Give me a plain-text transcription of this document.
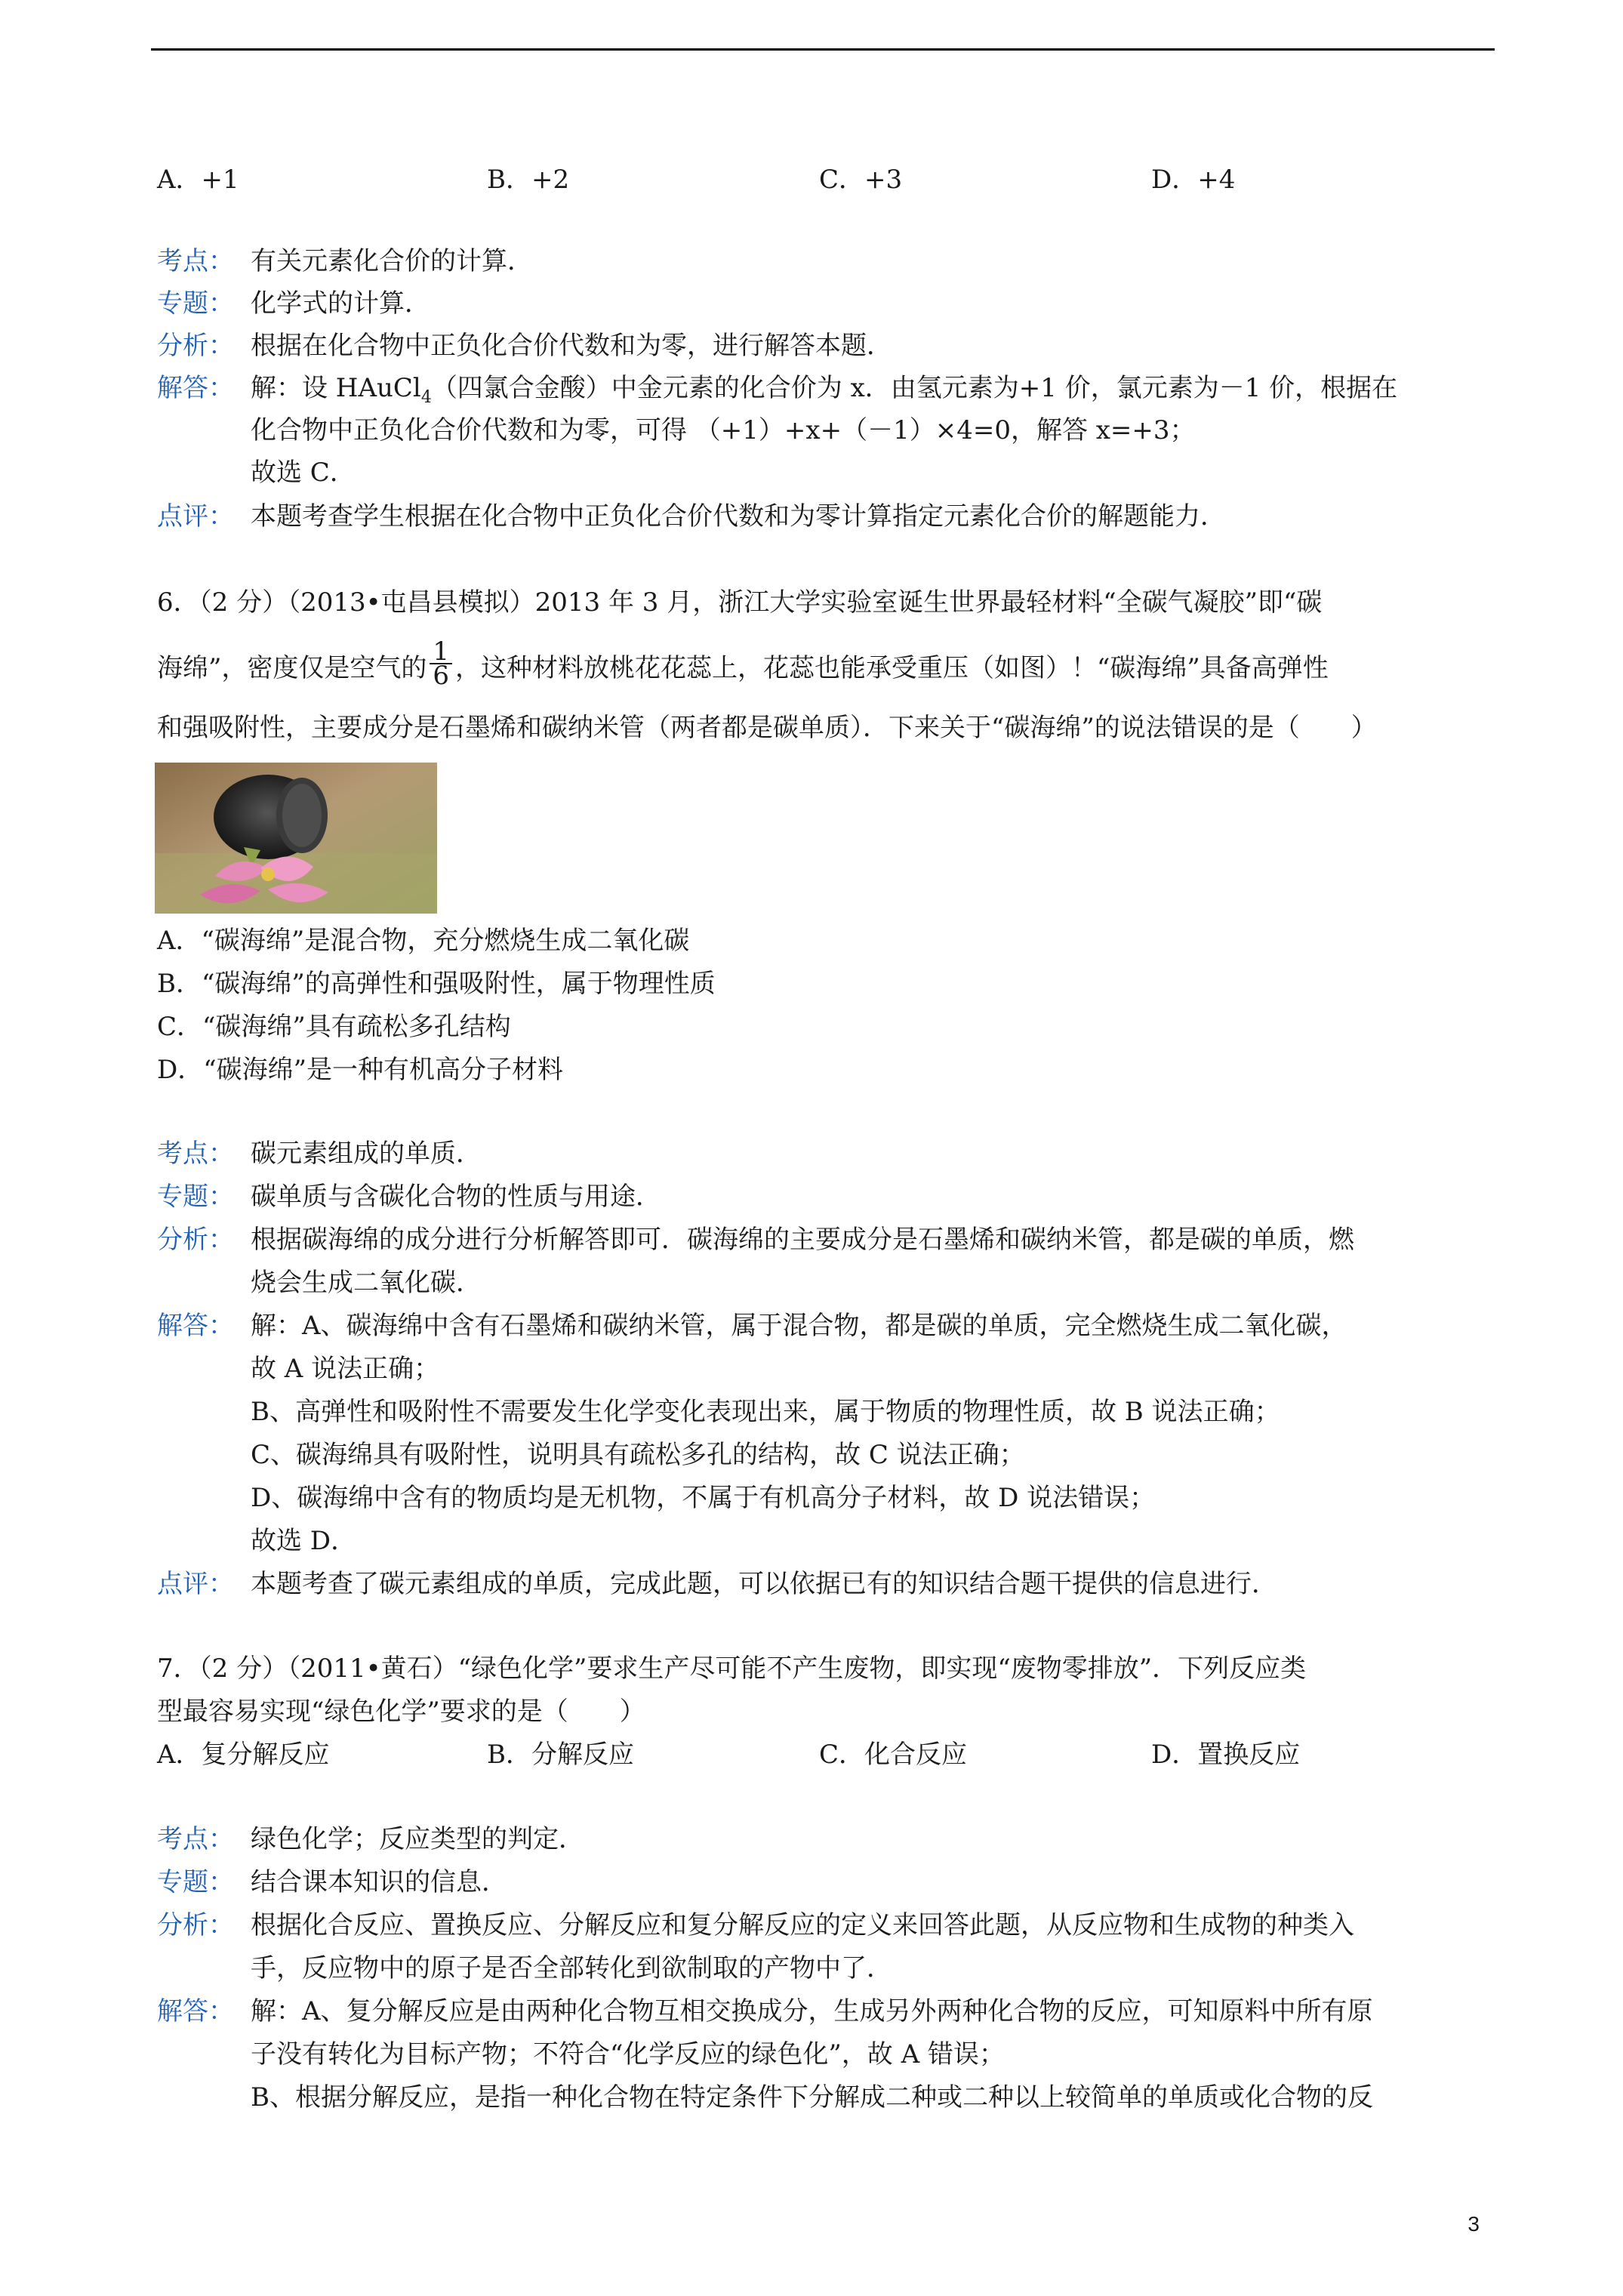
A．+1	B．+2	C．+3	D．+4
考点： 有关元素化合价的计算．
专题： 化学式的计算．
分析： 根据在化合物中正负化合价代数和为零，进行解答本题．
解答： 解：设 HAuCl$_4$（四氯合金酸）中金元素的化合价为 x．由氢元素为+1 价，氯元素为－1 价，根据在
化合物中正负化合价代数和为零，可得 （+1）+x+（－1）×4=0，解答 x=+3；
故选 C．
点评： 本题考查学生根据在化合物中正负化合价代数和为零计算指定元素化合价的解题能力．
6．（2 分）（2013•屯昌县模拟）2013 年 3 月，浙江大学实验室诞生世界最轻材料“全碳气凝胶”即“碳
海绵”，密度仅是空气的 $\frac{1}{6}$ ，这种材料放桃花花蕊上，花蕊也能承受重压（如图）！“碳海绵”具备高弹性
和强吸附性，主要成分是石墨烯和碳纳米管（两者都是碳单质）．下来关于“碳海绵”的说法错误的是（　　）
A．“碳海绵”是混合物，充分燃烧生成二氧化碳
B．“碳海绵”的高弹性和强吸附性，属于物理性质
C．“碳海绵”具有疏松多孔结构
D．“碳海绵”是一种有机高分子材料
考点： 碳元素组成的单质．
专题： 碳单质与含碳化合物的性质与用途．
分析： 根据碳海绵的成分进行分析解答即可．碳海绵的主要成分是石墨烯和碳纳米管，都是碳的单质，燃
烧会生成二氧化碳．
解答： 解：A、碳海绵中含有石墨烯和碳纳米管，属于混合物，都是碳的单质，完全燃烧生成二氧化碳，
故 A 说法正确；
B、高弹性和吸附性不需要发生化学变化表现出来，属于物质的物理性质，故 B 说法正确；
C、碳海绵具有吸附性，说明具有疏松多孔的结构，故 C 说法正确；
D、碳海绵中含有的物质均是无机物，不属于有机高分子材料，故 D 说法错误；
故选 D．
点评： 本题考查了碳元素组成的单质，完成此题，可以依据已有的知识结合题干提供的信息进行．
7．（2 分）（2011•黄石）“绿色化学”要求生产尽可能不产生废物，即实现“废物零排放”．下列反应类
型最容易实现“绿色化学”要求的是（　　）
A．复分解反应	B．分解反应	C．化合反应	D．置换反应
考点： 绿色化学；反应类型的判定．
专题： 结合课本知识的信息．
分析： 根据化合反应、置换反应、分解反应和复分解反应的定义来回答此题，从反应物和生成物的种类入
手，反应物中的原子是否全部转化到欲制取的产物中了．
解答： 解：A、复分解反应是由两种化合物互相交换成分，生成另外两种化合物的反应，可知原料中所有原
子没有转化为目标产物；不符合“化学反应的绿色化”，故 A 错误；
B、根据分解反应，是指一种化合物在特定条件下分解成二种或二种以上较简单的单质或化合物的反
3
